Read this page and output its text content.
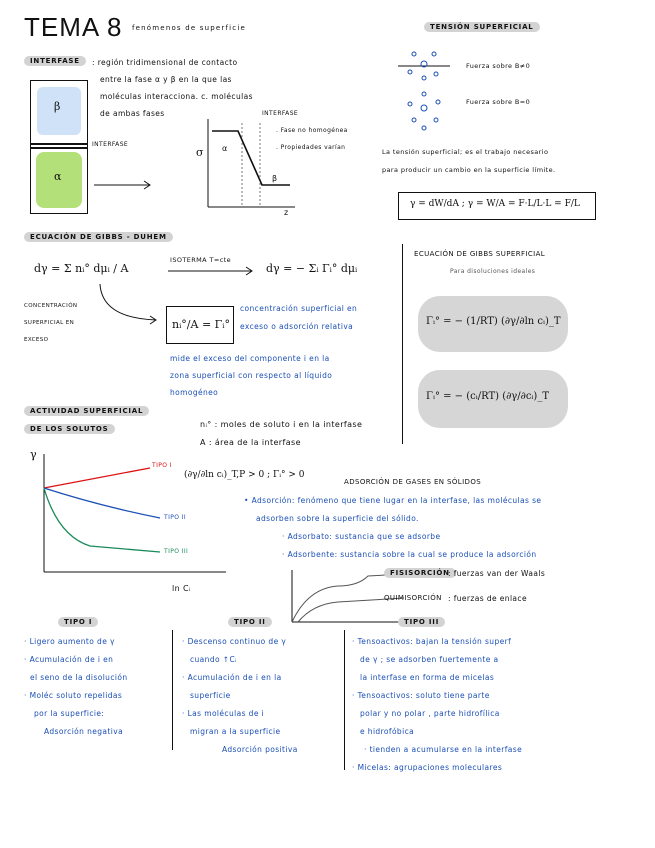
TEMA 8 fenómenos de superficie
INTERFASE	: región tridimensional de contacto
entre la fase α y β en la que las
moléculas interacciona. c. moléculas
de ambas fases
β
α
INTERFASE
INTERFASE
σ α
β
z
. Fase no homogénea
. Propiedades varían
TENSIÓN SUPERFICIAL
Fuerza sobre B≠0
Fuerza sobre B=0
La tensión superficial; es el trabajo necesario
para producir un cambio en la superficie límite.
γ = dW/dA ; γ = W/A = F·L/L·L = F/L
ECUACIÓN DE GIBBS - DUHEM
dγ = Σ nᵢ° dμᵢ / A
ISOTERMA T=cte
dγ = − Σᵢ Γᵢ° dμᵢ
CONCENTRACIÓN
SUPERFICIAL EN
EXCESO
nᵢ°/A = Γᵢ°
concentración superficial en
exceso o adsorción relativa
mide el exceso del componente i en la
zona superficial con respecto al líquido
homogéneo
ECUACIÓN DE GIBBS SUPERFICIAL
Para disoluciones ideales
Γᵢ° = − (1/RT) (∂γ/∂ln cᵢ)_T
Γᵢ° = − (cᵢ/RT) (∂γ/∂cᵢ)_T
ACTIVIDAD SUPERFICIAL
DE LOS SOLUTOS	nᵢ° : moles de soluto i en la interfase
A : área de la interfase
γ
ln Cᵢ
TIPO I
TIPO II
TIPO III
(∂γ/∂ln cᵢ)_T,P > 0 ; Γᵢ° > 0
ADSORCIÓN DE GASES EN SÓLIDOS
• Adsorción: fenómeno que tiene lugar en la interfase, las moléculas se
adsorben sobre la superficie del sólido.
· Adsorbato: sustancia que se adsorbe
· Adsorbente: sustancia sobre la cual se produce la adsorción
FISISORCIÓN
: fuerzas van der Waals
QUIMISORCIÓN : fuerzas de enlace
TIPO I	TIPO II	TIPO III
· Ligero aumento de γ
· Acumulación de i en
el seno de la disolución
· Moléc soluto repelidas
por la superficie:
Adsorción negativa
· Descenso continuo de γ
cuando ↑Cᵢ
· Acumulación de i en la
superficie
· Las moléculas de i
migran a la superficie
Adsorción positiva
· Tensoactivos: bajan la tensión superf
de γ ; se adsorben fuertemente a
la interfase en forma de micelas
· Tensoactivos: soluto tiene parte
polar y no polar , parte hidrofílica
e hidrofóbica
· tienden a acumularse en la interfase
· Micelas: agrupaciones moleculares
